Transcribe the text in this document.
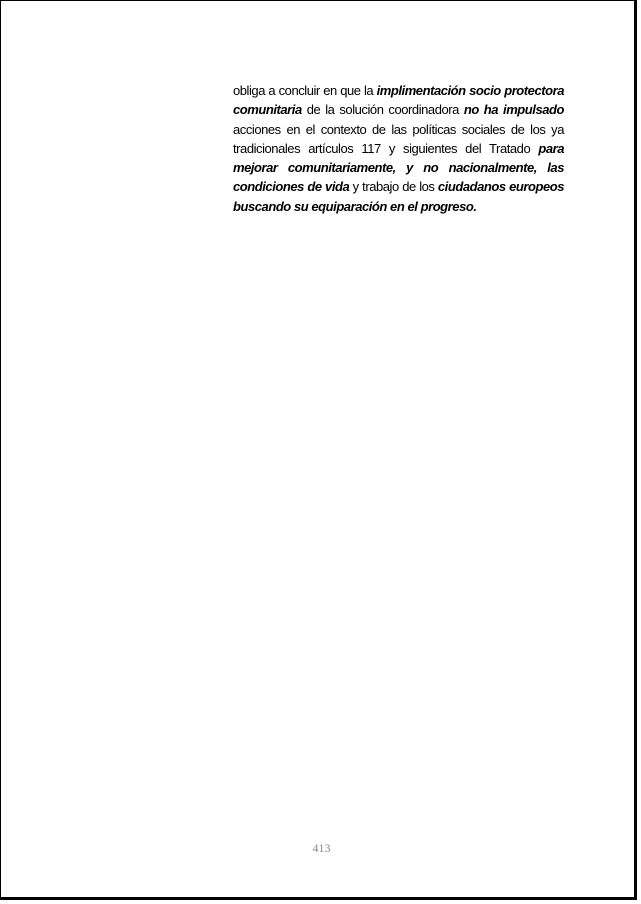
obliga a concluir en que la implimentación socio protectora comunitaria de la solución coordinadora no ha impulsado acciones en el contexto de las políticas sociales de los ya tradicionales artículos 117 y siguientes del Tratado para mejorar comunitariamente, y no nacionalmente, las condiciones de vida y trabajo de los ciudadanos europeos buscando su equiparación en el progreso.

413
